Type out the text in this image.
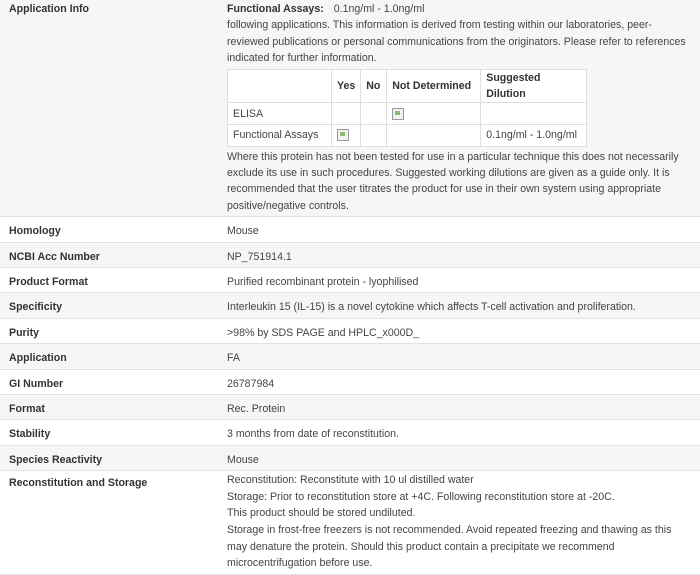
Application Info	Functional Assays: 0.1ng/ml - 1.0ng/ml
following applications. This information is derived from testing within our laboratories, peer-reviewed publications or personal communications from the originators. Please refer to references indicated for further information.
	Yes	No	Not Determined	Suggested Dilution
ELISA				
Functional Assays				0.1ng/ml - 1.0ng/ml
Where this protein has not been tested for use in a particular technique this does not necessarily exclude its use in such procedures. Suggested working dilutions are given as a guide only. It is recommended that the user titrates the product for use in their own system using appropriate positive/negative controls.

Homology	Mouse
NCBI Acc Number	NP_751914.1
Product Format	Purified recombinant protein - lyophilised
Specificity	Interleukin 15 (IL-15) is a novel cytokine which affects T-cell activation and proliferation.
Purity	>98% by SDS PAGE and HPLC_x000D_
Application	FA
GI Number	26787984
Format	Rec. Protein
Stability	3 months from date of reconstitution.
Species Reactivity	Mouse
Reconstitution and Storage	Reconstitution: Reconstitute with 10 ul distilled water
Storage: Prior to reconstitution store at +4C. Following reconstitution store at -20C.
This product should be stored undiluted.
Storage in frost-free freezers is not recommended. Avoid repeated freezing and thawing as this may denature the protein. Should this product contain a precipitate we recommend microcentrifugation before use.
